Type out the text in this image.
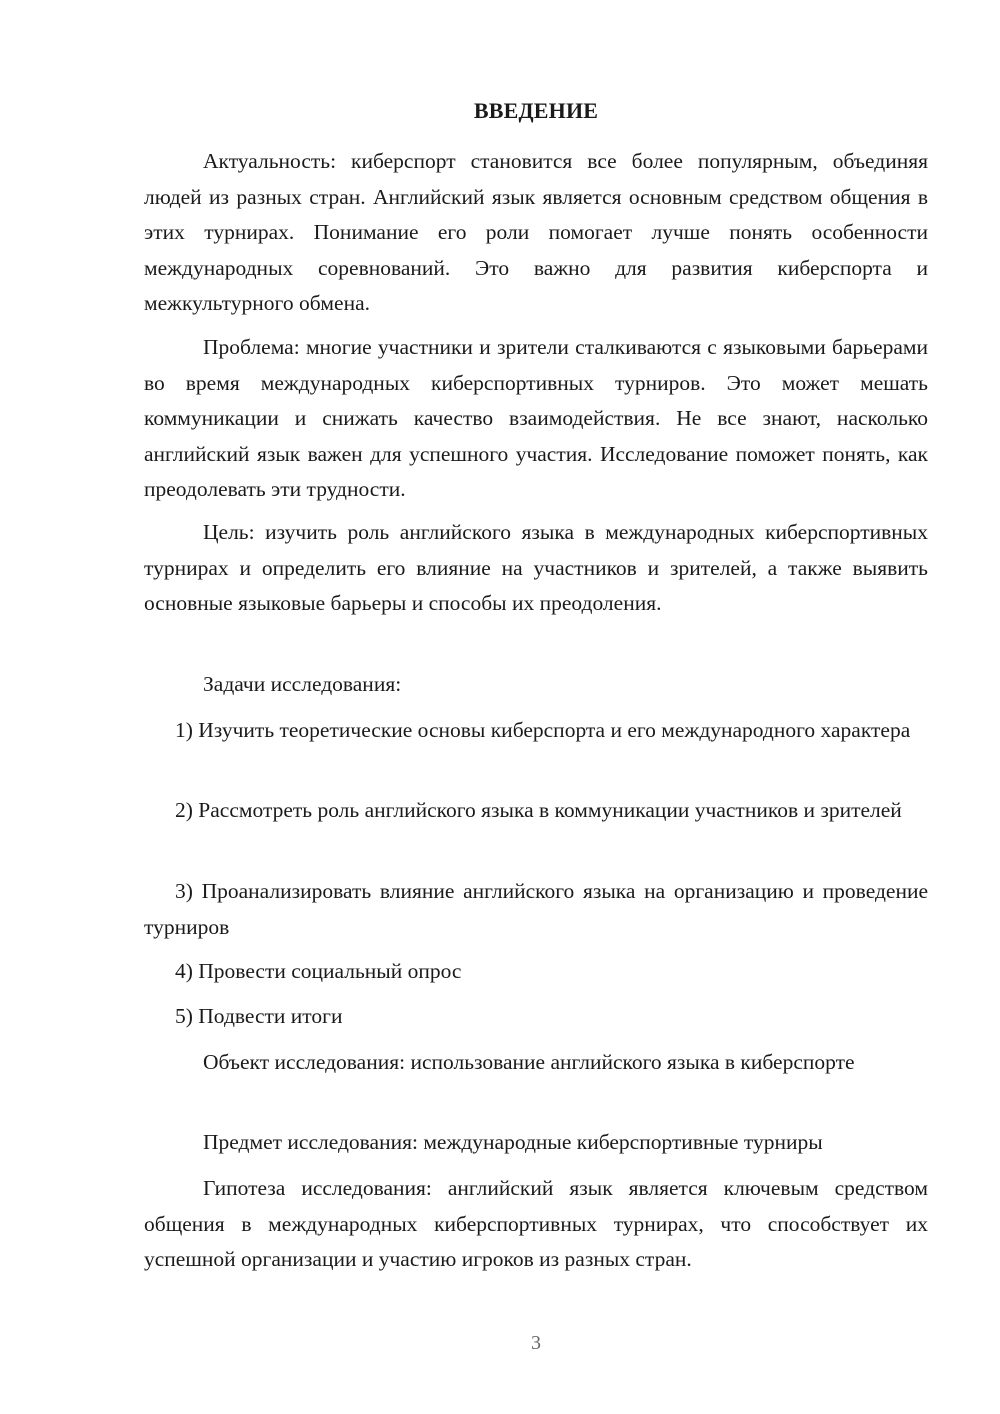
ВВЕДЕНИЕ
Актуальность: киберспорт становится все более популярным, объединяя людей из разных стран. Английский язык является основным средством общения в этих турнирах. Понимание его роли помогает лучше понять особенности международных соревнований. Это важно для развития киберспорта и межкультурного обмена.
Проблема: многие участники и зрители сталкиваются с языковыми барьерами во время международных киберспортивных турниров. Это может мешать коммуникации и снижать качество взаимодействия. Не все знают, насколько английский язык важен для успешного участия. Исследование поможет понять, как преодолевать эти трудности.
Цель: изучить роль английского языка в международных киберспортивных турнирах и определить его влияние на участников и зрителей, а также выявить основные языковые барьеры и способы их преодоления.
Задачи исследования:
1) Изучить теоретические основы киберспорта и его международного характера
2) Рассмотреть роль английского языка в коммуникации участников и зрителей
3) Проанализировать влияние английского языка на организацию и проведение турниров
4) Провести социальный опрос
5) Подвести итоги
Объект исследования: использование английского языка в киберспорте
Предмет исследования: международные киберспортивные турниры
Гипотеза исследования: английский язык является ключевым средством общения в международных киберспортивных турнирах, что способствует их успешной организации и участию игроков из разных стран.
3
